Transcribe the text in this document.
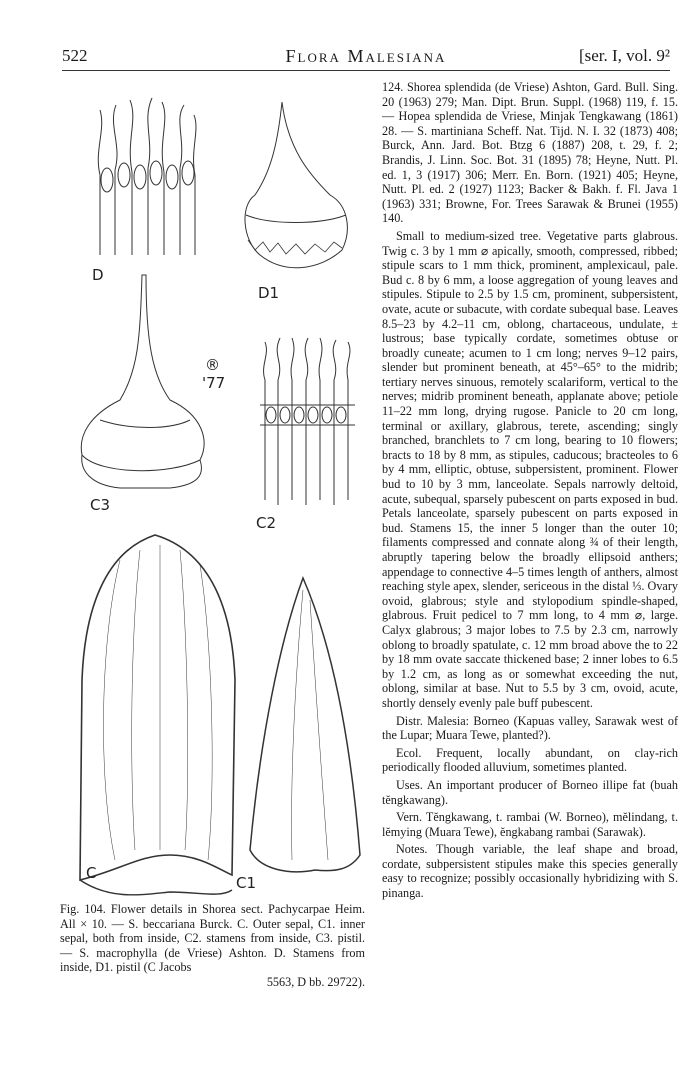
522	Flora Malesiana	[ser. I, vol. 9²
D
D1
®
'77
C3
C2
C
C1
Fig. 104. Flower details in Shorea sect. Pachycarpae Heim. All × 10. — S. beccariana Burck. C. Outer sepal, C1. inner sepal, both from inside, C2. stamens from inside, C3. pistil. — S. macrophylla (de Vriese) Ashton. D. Stamens from inside, D1. pistil (C Jacobs
5563, D bb. 29722).

124. Shorea splendida (de Vriese) Ashton, Gard. Bull. Sing. 20 (1963) 279; Man. Dipt. Brun. Suppl. (1968) 119, f. 15. — Hopea splendida de Vriese, Minjak Tengkawang (1861) 28. — S. martiniana Scheff. Nat. Tijd. N. I. 32 (1873) 408; Burck, Ann. Jard. Bot. Btzg 6 (1887) 208, t. 29, f. 2; Brandis, J. Linn. Soc. Bot. 31 (1895) 78; Heyne, Nutt. Pl. ed. 1, 3 (1917) 306; Merr. En. Born. (1921) 405; Heyne, Nutt. Pl. ed. 2 (1927) 1123; Backer & Bakh. f. Fl. Java 1 (1963) 331; Browne, For. Trees Sarawak & Brunei (1955) 140.

Small to medium-sized tree. Vegetative parts glabrous. Twig c. 3 by 1 mm ⌀ apically, smooth, compressed, ribbed; stipule scars to 1 mm thick, prominent, amplexicaul, pale. Bud c. 8 by 6 mm, a loose aggregation of young leaves and stipules. Stipule to 2.5 by 1.5 cm, prominent, subpersistent, ovate, acute or subacute, with cordate subequal base. Leaves 8.5–23 by 4.2–11 cm, oblong, chartaceous, undulate, ± lustrous; base typically cordate, sometimes obtuse or broadly cuneate; acumen to 1 cm long; nerves 9–12 pairs, slender but prominent beneath, at 45°–65° to the midrib; tertiary nerves sinuous, remotely scalariform, vertical to the nerves; midrib prominent beneath, applanate above; petiole 11–22 mm long, drying rugose. Panicle to 20 cm long, terminal or axillary, glabrous, terete, ascending; singly branched, branchlets to 7 cm long, bearing to 10 flowers; bracts to 18 by 8 mm, as stipules, caducous; bracteoles to 6 by 4 mm, elliptic, obtuse, subpersistent, prominent. Flower bud to 10 by 3 mm, lanceolate. Sepals narrowly deltoid, acute, subequal, sparsely pubescent on parts exposed in bud. Petals lanceolate, sparsely pubescent on parts exposed in bud. Stamens 15, the inner 5 longer than the outer 10; filaments compressed and connate along ¾ of their length, abruptly tapering below the broadly ellipsoid anthers; appendage to connective 4–5 times length of anthers, almost reaching style apex, slender, sericeous in the distal ⅓. Ovary ovoid, glabrous; style and stylopodium spindle-shaped, glabrous. Fruit pedicel to 7 mm long, to 4 mm ⌀, large. Calyx glabrous; 3 major lobes to 7.5 by 2.3 cm, narrowly oblong to broadly spatulate, c. 12 mm broad above the to 22 by 18 mm ovate saccate thickened base; 2 inner lobes to 6.5 by 1.2 cm, as long as or somewhat exceeding the nut, oblong, similar at base. Nut to 5.5 by 3 cm, ovoid, acute, shortly densely evenly pale buff pubescent.

Distr. Malesia: Borneo (Kapuas valley, Sarawak west of the Lupar; Muara Tewe, planted?).

Ecol. Frequent, locally abundant, on clay-rich periodically flooded alluvium, sometimes planted.

Uses. An important producer of Borneo illipe fat (buah tĕngkawang).

Vern. Tĕngkawang, t. rambai (W. Borneo), mĕlindang, t. lĕmying (Muara Tewe), ĕngkabang rambai (Sarawak).

Notes. Though variable, the leaf shape and broad, cordate, subpersistent stipules make this species generally easy to recognize; possibly occasionally hybridizing with S. pinanga.
